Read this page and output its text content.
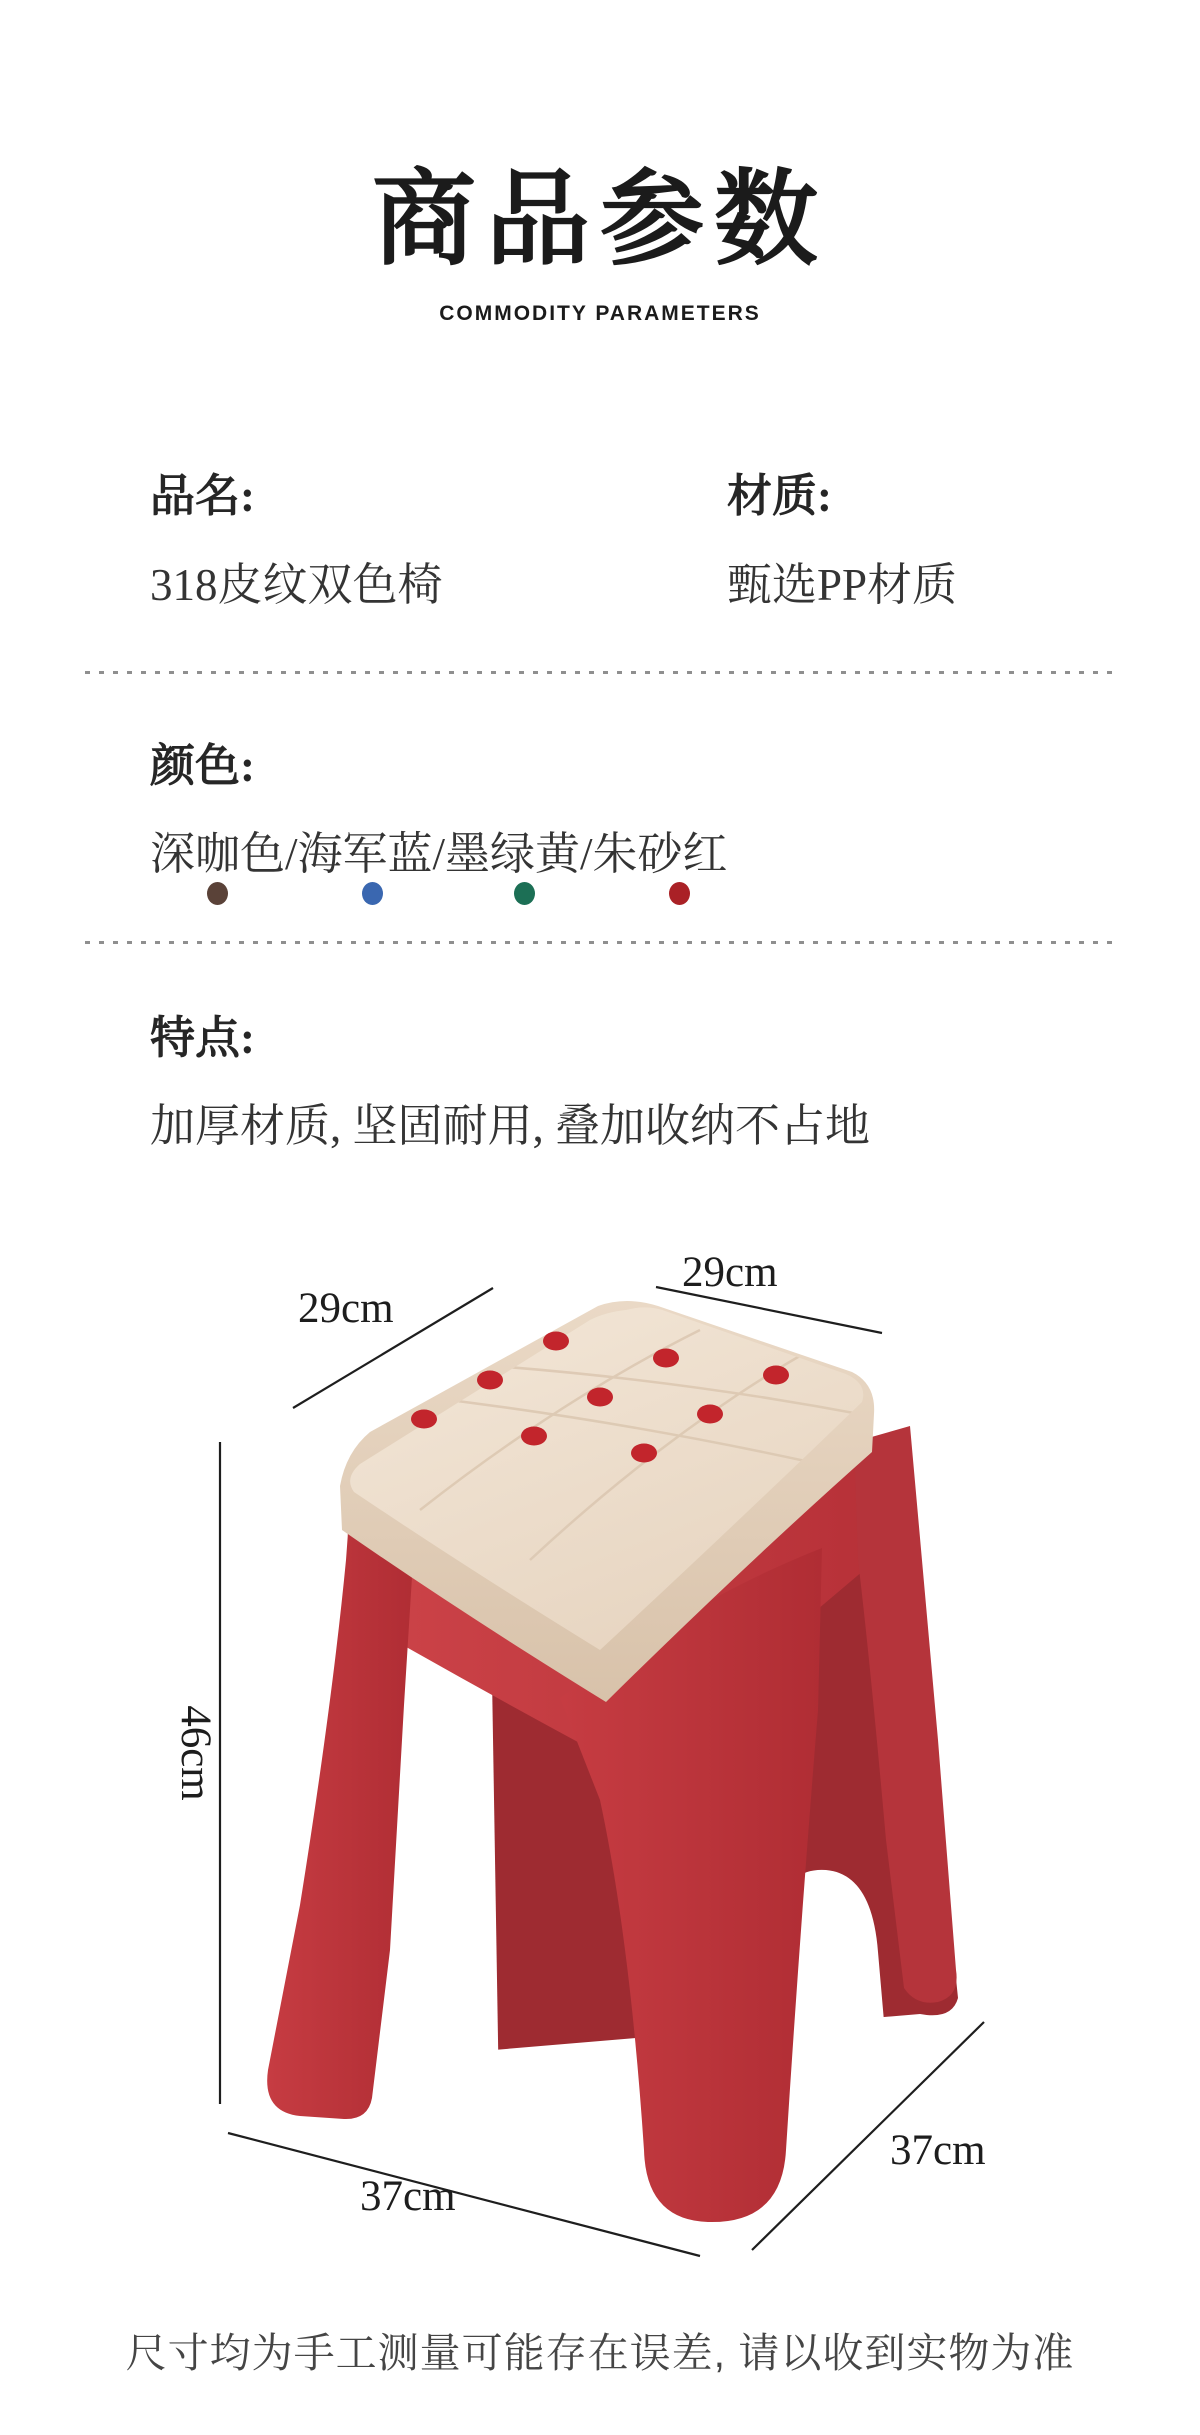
商品参数
COMMODITY PARAMETERS
品名:
318皮纹双色椅
材质:
甄选PP材质
颜色:
深咖色/海军蓝/墨绿黄/朱砂红
特点:
加厚材质, 坚固耐用, 叠加收纳不占地
29cm
29cm
46cm
37cm
37cm
尺寸均为手工测量可能存在误差, 请以收到实物为准
